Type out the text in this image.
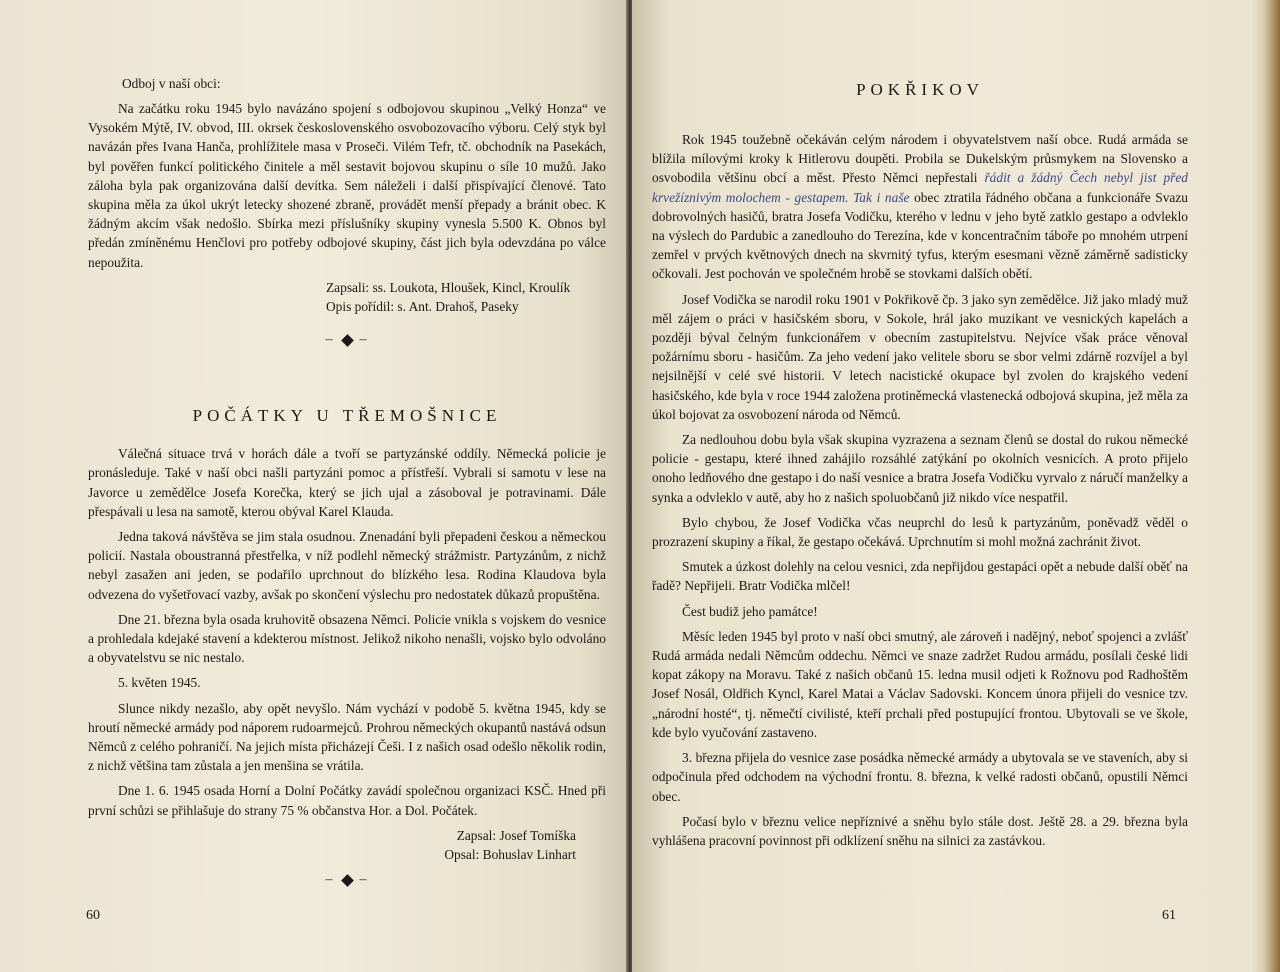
Odboj v naší obci:

Na začátku roku 1945 bylo navázáno spojení s odbojovou skupinou „Velký Honza“ ve Vysokém Mýtě, IV. obvod, III. okrsek československého osvobozovacího výboru. Celý styk byl navázán přes Ivana Hanča, prohlížitele masa v Proseči. Vilém Tefr, tč. obchodník na Pasekách, byl pověřen funkcí politického činitele a měl sestavit bojovou skupinu o síle 10 mužů. Jako záloha byla pak organizována další devítka. Sem náleželi i další přispívající členové. Tato skupina měla za úkol ukrýt letecky shozené zbraně, provádět menší přepady a bránit obec. K žádným akcím však nedošlo. Sbírka mezi příslušníky skupiny vynesla 5.500 K. Obnos byl předán zmíněnému Henčlovi pro potřeby odbojové skupiny, část jich byla odevzdána po válce nepoužita.

Zapsali: ss. Loukota, Hloušek, Kincl, Kroulík

Opis pořídil: s. Ant. Drahoš, Paseky

– –
POČÁTKY U TŘEMOŠNICE

Válečná situace trvá v horách dále a tvoří se partyzánské oddíly. Německá policie je pronásleduje. Také v naší obci našli partyzáni pomoc a přístřeší. Vybrali si samotu v lese na Javorce u zemědělce Josefa Korečka, který se jich ujal a zásoboval je potravinami. Dále přespávali u lesa na samotě, kterou obýval Karel Klauda.

Jedna taková návštěva se jim stala osudnou. Znenadání byli přepadeni českou a německou policií. Nastala oboustranná přestřelka, v níž podlehl německý strážmistr. Partyzánům, z nichž nebyl zasažen ani jeden, se podařilo uprchnout do blízkého lesa. Rodina Klaudova byla odvezena do vyšetřovací vazby, avšak po skončení výslechu pro nedostatek důkazů propuštěna.

Dne 21. března byla osada kruhovitě obsazena Němci. Policie vnikla s vojskem do vesnice a prohledala kdejaké stavení a kdekterou místnost. Jelikož nikoho nenašli, vojsko bylo odvoláno a obyvatelstvu se nic nestalo.

5. květen 1945.

Slunce nikdy nezašlo, aby opět nevyšlo. Nám vychází v podobě 5. května 1945, kdy se hroutí německé armády pod náporem rudoarmejců. Prohrou německých okupantů nastává odsun Němců z celého pohraničí. Na jejich místa přicházejí Češi. I z našich osad odešlo několik rodin, z nichž většina tam zůstala a jen menšina se vrátila.

Dne 1. 6. 1945 osada Horní a Dolní Počátky zavádí společnou organizaci KSČ. Hned při první schůzi se přihlašuje do strany 75 % občanstva Hor. a Dol. Počátek.

Zapsal: Josef Tomíška

Opsal: Bohuslav Linhart

– –
60
POKŘIKOV

Rok 1945 toužebně očekáván celým národem i obyvatelstvem naší obce. Rudá armáda se blížila mílovými kroky k Hitlerovu doupěti. Probila se Dukelským průsmykem na Slovensko a osvobodila většinu obcí a měst. Přesto Němci nepřestali řádit a žádný Čech nebyl jist před krvežíznivým molochem - gestapem. Tak i naše obec ztratila řádného občana a funkcionáře Svazu dobrovolných hasičů, bratra Josefa Vodičku, kterého v lednu v jeho bytě zatklo gestapo a odvleklo na výslech do Pardubic a zanedlouho do Terezína, kde v koncentračním táboře po mnohém utrpení zemřel v prvých květnových dnech na skvrnitý tyfus, kterým esesmani vězně záměrně sadisticky očkovali. Jest pochován ve společném hrobě se stovkami dalších obětí.

Josef Vodička se narodil roku 1901 v Pokřikově čp. 3 jako syn zemědělce. Již jako mladý muž měl zájem o práci v hasičském sboru, v Sokole, hrál jako muzikant ve vesnických kapelách a později býval čelným funkcionářem v obecním zastupitelstvu. Nejvíce však práce věnoval požárnímu sboru - hasičům. Za jeho vedení jako velitele sboru se sbor velmi zdárně rozvíjel a byl nejsilnější v celé své historii. V letech nacistické okupace byl zvolen do krajského vedení hasičského, kde byla v roce 1944 založena protiněmecká vlastenecká odbojová skupina, jež měla za úkol bojovat za osvobození národa od Němců.

Za nedlouhou dobu byla však skupina vyzrazena a seznam členů se dostal do rukou německé policie - gestapu, které ihned zahájilo rozsáhlé zatýkání po okolních vesnicích. A proto přijelo onoho ledňového dne gestapo i do naší vesnice a bratra Josefa Vodičku vyrvalo z náručí manželky a synka a odvleklo v autě, aby ho z našich spoluobčanů již nikdo více nespatřil.

Bylo chybou, že Josef Vodička včas neuprchl do lesů k partyzánům, poněvadž věděl o prozrazení skupiny a říkal, že gestapo očekává. Uprchnutím si mohl možná zachránit život.

Smutek a úzkost dolehly na celou vesnici, zda nepřijdou gestapáci opět a nebude další oběť na řadě? Nepřijeli. Bratr Vodička mlčel!

Čest budiž jeho památce!

Měsíc leden 1945 byl proto v naší obci smutný, ale zároveň i nadějný, neboť spojenci a zvlášť Rudá armáda nedali Němcům oddechu. Němci ve snaze zadržet Rudou armádu, posílali české lidi kopat zákopy na Moravu. Také z našich občanů 15. ledna musil odjeti k Rožnovu pod Radhoštěm Josef Nosál, Oldřich Kyncl, Karel Matai a Václav Sadovski. Koncem února přijeli do vesnice tzv. „národní hosté“, tj. němečtí civilisté, kteří prchali před postupující frontou. Ubytovali se ve škole, kde bylo vyučování zastaveno.

3. března přijela do vesnice zase posádka německé armády a ubytovala se ve staveních, aby si odpočinula před odchodem na východní frontu. 8. března, k velké radosti občanů, opustili Němci obec.

Počasí bylo v březnu velice nepříznivé a sněhu bylo stále dost. Ještě 28. a 29. března byla vyhlášena pracovní povinnost při odklízení sněhu na silnici za zastávkou.

61
